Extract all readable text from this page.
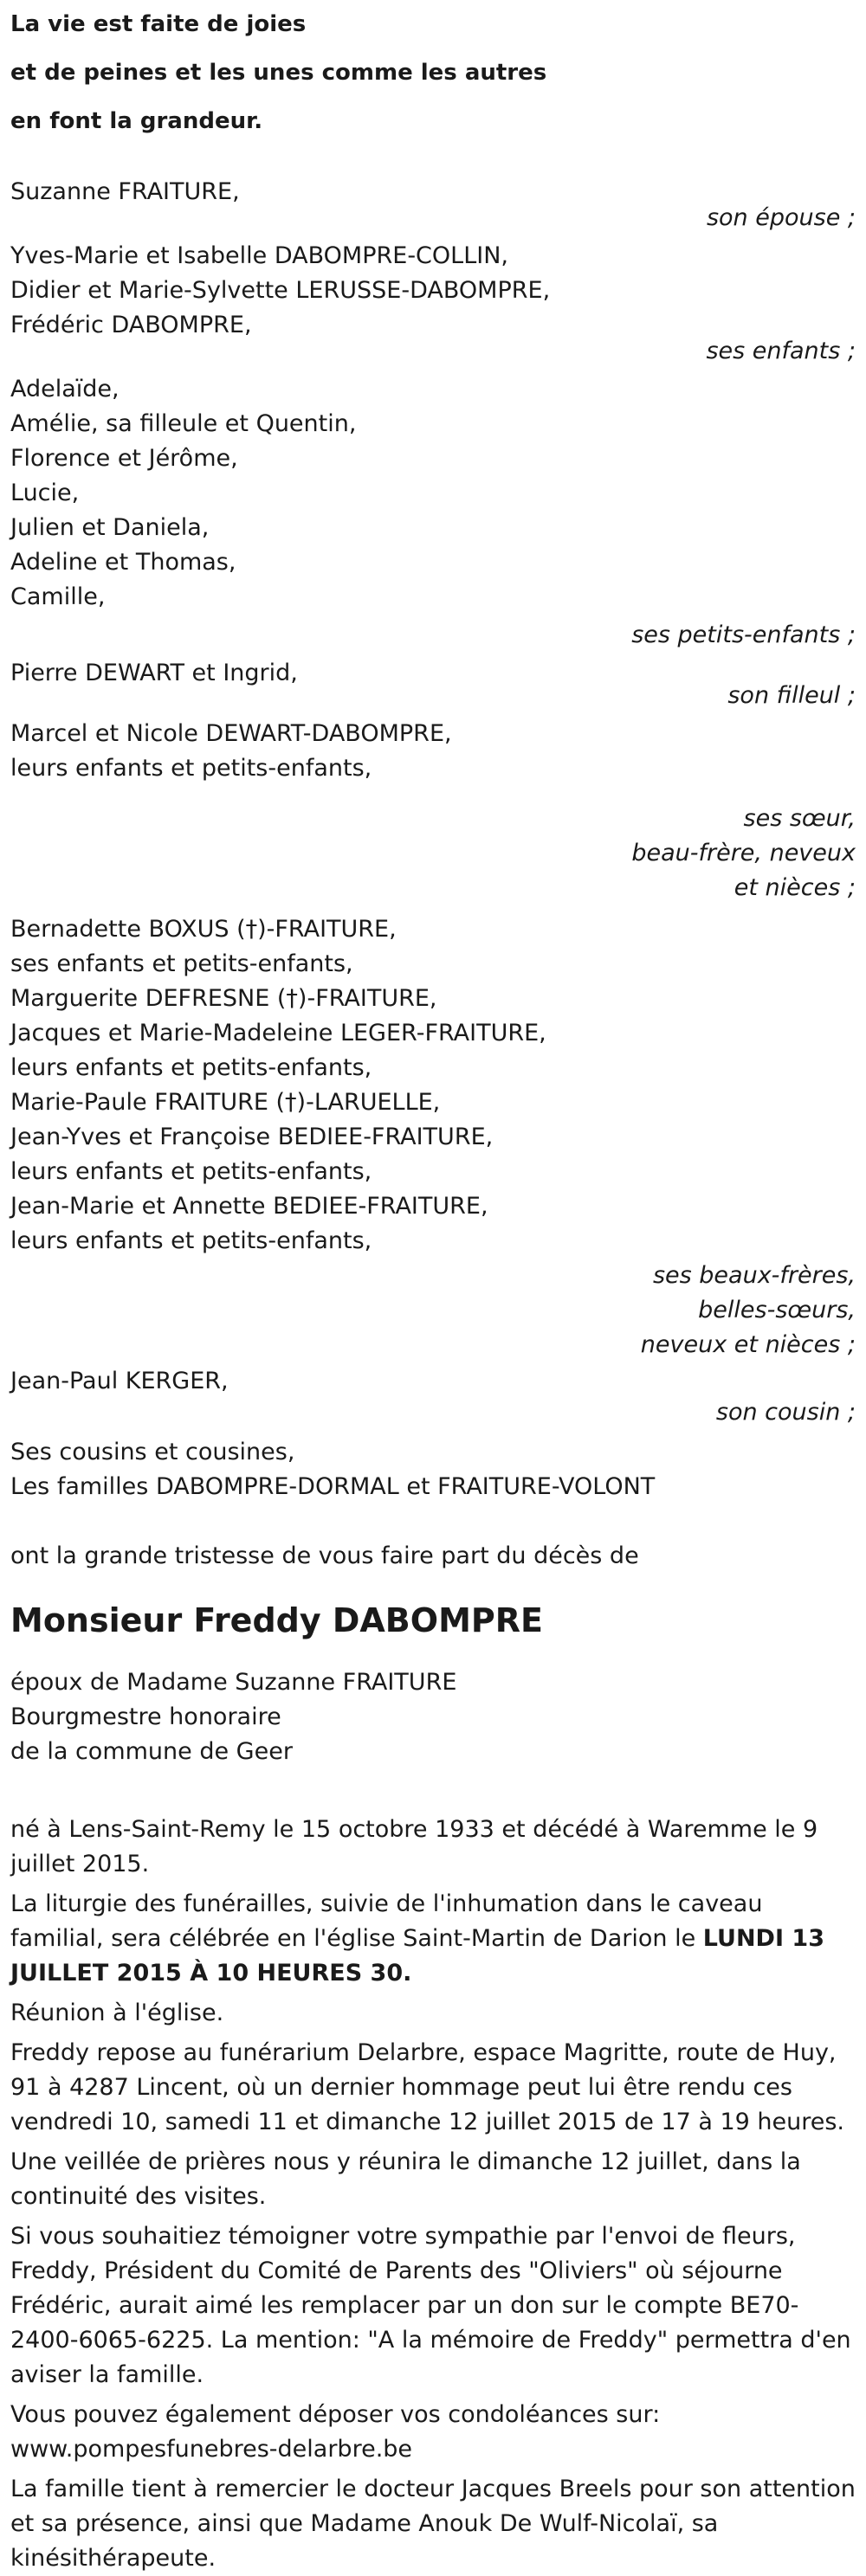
La vie est faite de joies
et de peines et les unes comme les autres
en font la grandeur.
Suzanne FRAITURE,
son épouse ;
Yves-Marie et Isabelle DABOMPRE-COLLIN,
Didier et Marie-Sylvette LERUSSE-DABOMPRE,
Frédéric DABOMPRE,
ses enfants ;
Adelaïde,
Amélie, sa filleule et Quentin,
Florence et Jérôme,
Lucie,
Julien et Daniela,
Adeline et Thomas,
Camille,
ses petits-enfants ;
Pierre DEWART et Ingrid,
son filleul ;
Marcel et Nicole DEWART-DABOMPRE,
leurs enfants et petits-enfants,
ses sœur,
beau-frère, neveux
et nièces ;
Bernadette BOXUS (†)-FRAITURE,
ses enfants et petits-enfants,
Marguerite DEFRESNE (†)-FRAITURE,
Jacques et Marie-Madeleine LEGER-FRAITURE,
leurs enfants et petits-enfants,
Marie-Paule FRAITURE (†)-LARUELLE,
Jean-Yves et Françoise BEDIEE-FRAITURE,
leurs enfants et petits-enfants,
Jean-Marie et Annette BEDIEE-FRAITURE,
leurs enfants et petits-enfants,
ses beaux-frères,
belles-sœurs,
neveux et nièces ;
Jean-Paul KERGER,
son cousin ;
Ses cousins et cousines,
Les familles DABOMPRE-DORMAL et FRAITURE-VOLONT
ont la grande tristesse de vous faire part du décès de
Monsieur Freddy DABOMPRE
époux de Madame Suzanne FRAITURE
Bourgmestre honoraire
de la commune de Geer
né à Lens-Saint-Remy le 15 octobre 1933 et décédé à Waremme le 9 juillet 2015.
La liturgie des funérailles, suivie de l'inhumation dans le caveau familial, sera célébrée en l'église Saint-Martin de Darion le LUNDI 13 JUILLET 2015 À 10 HEURES 30.
Réunion à l'église.
Freddy repose au funérarium Delarbre, espace Magritte, route de Huy, 91 à 4287 Lincent, où un dernier hommage peut lui être rendu ces vendredi 10, samedi 11 et dimanche 12 juillet 2015 de 17 à 19 heures.
Une veillée de prières nous y réunira le dimanche 12 juillet, dans la continuité des visites.
Si vous souhaitiez témoigner votre sympathie par l'envoi de fleurs, Freddy, Président du Comité de Parents des "Oliviers" où séjourne Frédéric, aurait aimé les remplacer par un don sur le compte BE70-2400-6065-6225. La mention: "A la mémoire de Freddy" permettra d'en aviser la famille.
Vous pouvez également déposer vos condoléances sur: www.pompesfunebres-delarbre.be
La famille tient à remercier le docteur Jacques Breels pour son attention et sa présence, ainsi que Madame Anouk De Wulf-Nicolaï, sa kinésithérapeute.
